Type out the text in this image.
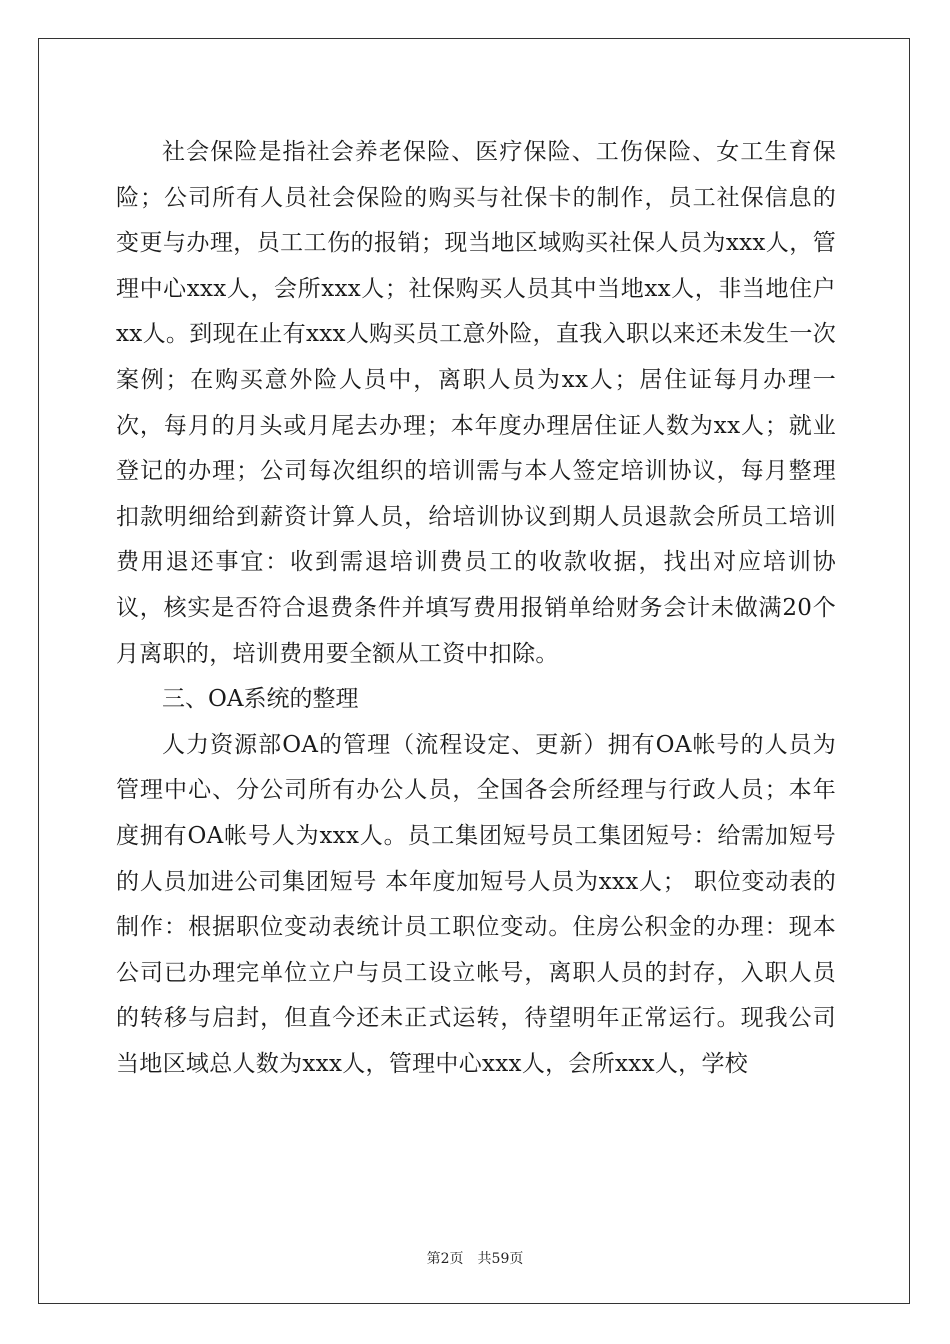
社会保险是指社会养老保险、医疗保险、工伤保险、女工生育保险；公司所有人员社会保险的购买与社保卡的制作，员工社保信息的变更与办理，员工工伤的报销；现当地区域购买社保人员为xxx人，管理中心xxx人，会所xxx人；社保购买人员其中当地xx人，非当地住户xx人。到现在止有xxx人购买员工意外险，直我入职以来还未发生一次案例；在购买意外险人员中，离职人员为xx人；居住证每月办理一次，每月的月头或月尾去办理；本年度办理居住证人数为xx人；就业登记的办理；公司每次组织的培训需与本人签定培训协议，每月整理扣款明细给到薪资计算人员，给培训协议到期人员退款会所员工培训费用退还事宜：收到需退培训费员工的收款收据，找出对应培训协议，核实是否符合退费条件并填写费用报销单给财务会计未做满20个月离职的，培训费用要全额从工资中扣除。

三、OA系统的整理

人力资源部OA的管理（流程设定、更新）拥有OA帐号的人员为管理中心、分公司所有办公人员，全国各会所经理与行政人员；本年度拥有OA帐号人为xxx人。员工集团短号员工集团短号：给需加短号的人员加进公司集团短号 本年度加短号人员为xxx人； 职位变动表的制作：根据职位变动表统计员工职位变动。住房公积金的办理：现本公司已办理完单位立户与员工设立帐号，离职人员的封存，入职人员的转移与启封，但直今还未正式运转，待望明年正常运行。现我公司当地区域总人数为xxx人，管理中心xxx人，会所xxx人，学校

第2页 共59页
